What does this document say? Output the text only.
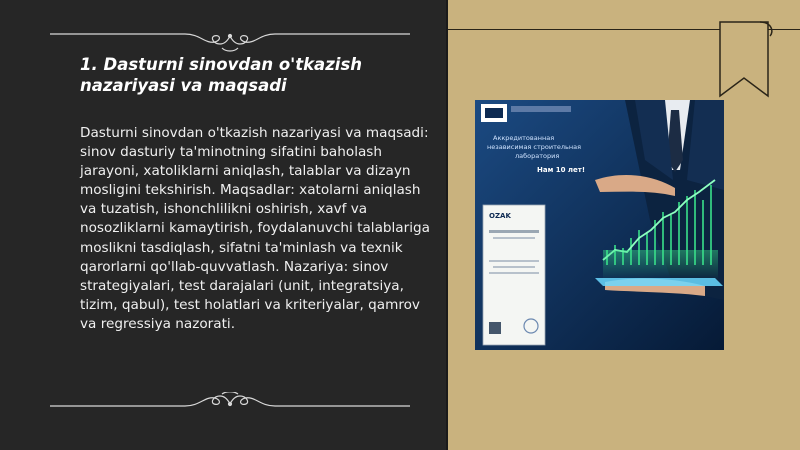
1. Dasturni sinovdan o'tkazish nazariyasi va maqsadi

Dasturni sinovdan o'tkazish nazariyasi va maqsadi: sinov dasturiy ta'minotning sifatini baholash jarayoni, xatoliklarni aniqlash, talablar va dizayn mosligini tekshirish. Maqsadlar: xatolarni aniqlash va tuzatish, ishonchlilikni oshirish, xavf va nosozliklarni kamaytirish, foydalanuvchi talablariga moslikni tasdiqlash, sifatni ta'minlash va texnik qarorlarni qo'llab-quvvatlash. Nazariya: sinov strategiyalari, test darajalari (unit, integratsiya, tizim, qabul), test holatlari va kriteriyalar, qamrov va regressiya nazorati.

Аккредитованная
независимая строительная
лаборатория
Нам 10 лет!
OZAK
